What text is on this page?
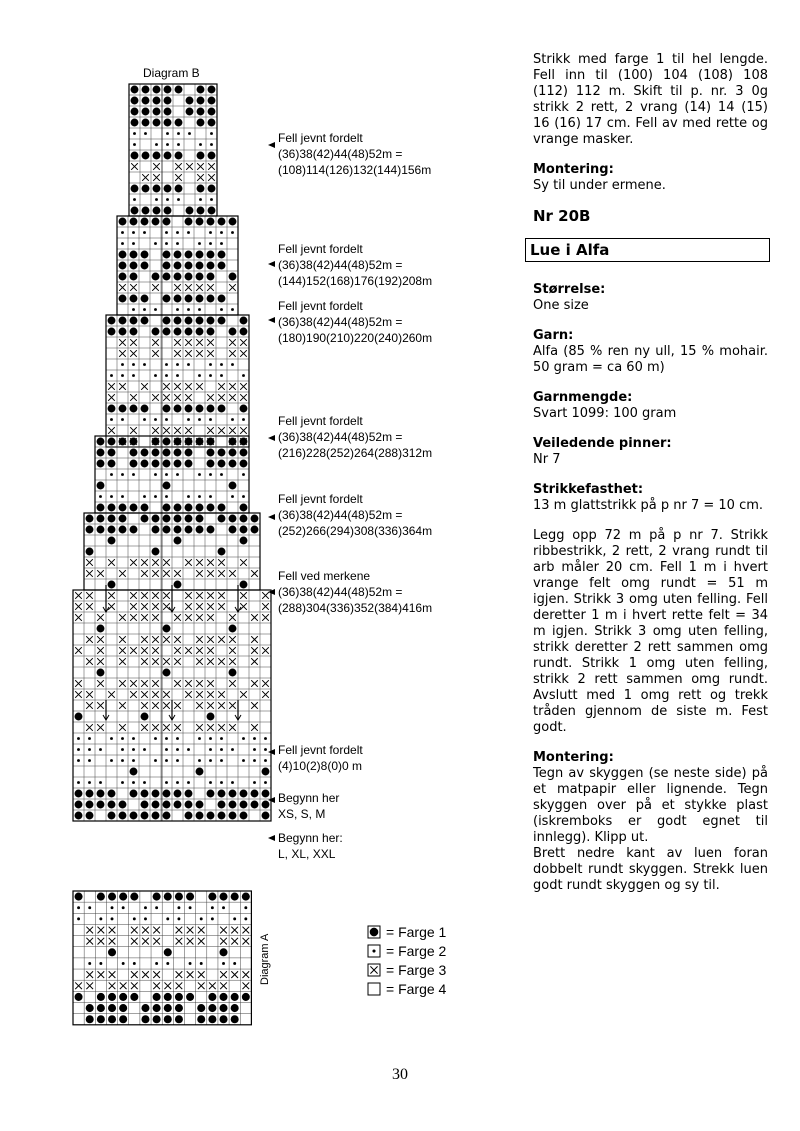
Diagram B
Fell jevnt fordelt
(36)38(42)44(48)52m =
(108)114(126)132(144)156m
Fell jevnt fordelt
(36)38(42)44(48)52m =
(144)152(168)176(192)208m
Fell jevnt fordelt
(36)38(42)44(48)52m =
(180)190(210)220(240)260m
Fell jevnt fordelt
(36)38(42)44(48)52m =
(216)228(252)264(288)312m
Fell jevnt fordelt
(36)38(42)44(48)52m =
(252)266(294)308(336)364m
Fell ved merkene
(36)38(42)44(48)52m =
(288)304(336)352(384)416m
Fell jevnt fordelt
(4)10(2)8(0)0 m
Begynn her
XS, S, M
Begynn her:
L, XL, XXL
Diagram A
= Farge 1
= Farge 2
= Farge 3
= Farge 4

Strikk med farge 1 til hel lengde. Fell inn til (100) 104 (108) 108 (112) 112 m. Skift til p. nr. 3 0g strikk 2 rett, 2 vrang (14) 14 (15) 16 (16) 17 cm. Fell av med rette og vrange masker.

Montering:

Sy til under ermene.

Nr 20B
Lue i Alfa
Størrelse:

One size

Garn:

Alfa (85 % ren ny ull, 15 % mohair. 50 gram = ca 60 m)

Garnmengde:

Svart 1099: 100 gram

Veiledende pinner:

Nr 7

Strikkefasthet:

13 m glattstrikk på p nr 7 = 10 cm.

Legg opp 72 m på p nr 7. Strikk ribbestrikk, 2 rett, 2 vrang rundt til arb måler 20 cm. Fell 1 m i hvert vrange felt omg rundt = 51 m igjen. Strikk 3 omg uten felling. Fell deretter 1 m i hvert rette felt = 34 m igjen. Strikk 3 omg uten felling, strikk deretter 2 rett sammen omg rundt. Strikk 1 omg uten felling, strikk 2 rett sammen omg rundt. Avslutt med 1 omg rett og trekk tråden gjennom de siste m. Fest godt.

Montering:

Tegn av skyggen (se neste side) på et matpapir eller lignende. Tegn skyggen over på et stykke plast (iskremboks er godt egnet til innlegg). Klipp ut.
Brett nedre kant av luen foran dobbelt rundt skyggen. Strekk luen godt rundt skyggen og sy til.

30
